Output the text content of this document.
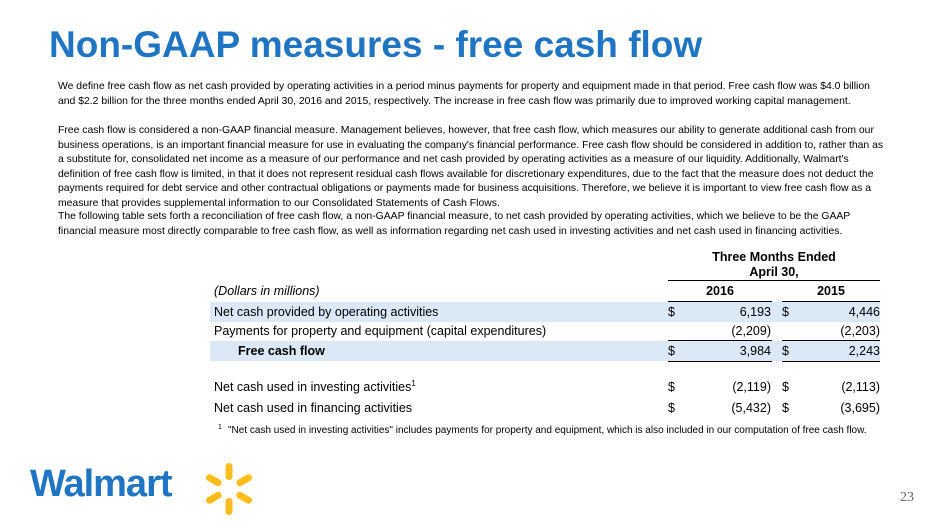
Non-GAAP measures - free cash flow

We define free cash flow as net cash provided by operating activities in a period minus payments for property and equipment made in that period. Free cash flow was $4.0 billion and $2.2 billion for the three months ended April 30, 2016 and 2015, respectively. The increase in free cash flow was primarily due to improved working capital management.

Free cash flow is considered a non-GAAP financial measure. Management believes, however, that free cash flow, which measures our ability to generate additional cash from our business operations, is an important financial measure for use in evaluating the company's financial performance. Free cash flow should be considered in addition to, rather than as a substitute for, consolidated net income as a measure of our performance and net cash provided by operating activities as a measure of our liquidity. Additionally, Walmart's definition of free cash flow is limited, in that it does not represent residual cash flows available for discretionary expenditures, due to the fact that the measure does not deduct the payments required for debt service and other contractual obligations or payments made for business acquisitions. Therefore, we believe it is important to view free cash flow as a measure that provides supplemental information to our Consolidated Statements of Cash Flows.

The following table sets forth a reconciliation of free cash flow, a non-GAAP financial measure, to net cash provided by operating activities, which we believe to be the GAAP financial measure most directly comparable to free cash flow, as well as information regarding net cash used in investing activities and net cash used in financing activities.

Three Months Ended
April 30,
(Dollars in millions)	2016	2015
Net cash provided by operating activities	$	6,193 $	4,446
Payments for property and equipment (capital expenditures)	(2,209)	(2,203)
Free cash flow	$	3,984 $	2,243
Net cash used in investing activities$^1$	$	(2,119) $	(2,113)
Net cash used in financing activities	$	(5,432) $	(3,695)
1 "Net cash used in investing activities" includes payments for property and equipment, which is also included in our computation of free cash flow.
Walmart	23
